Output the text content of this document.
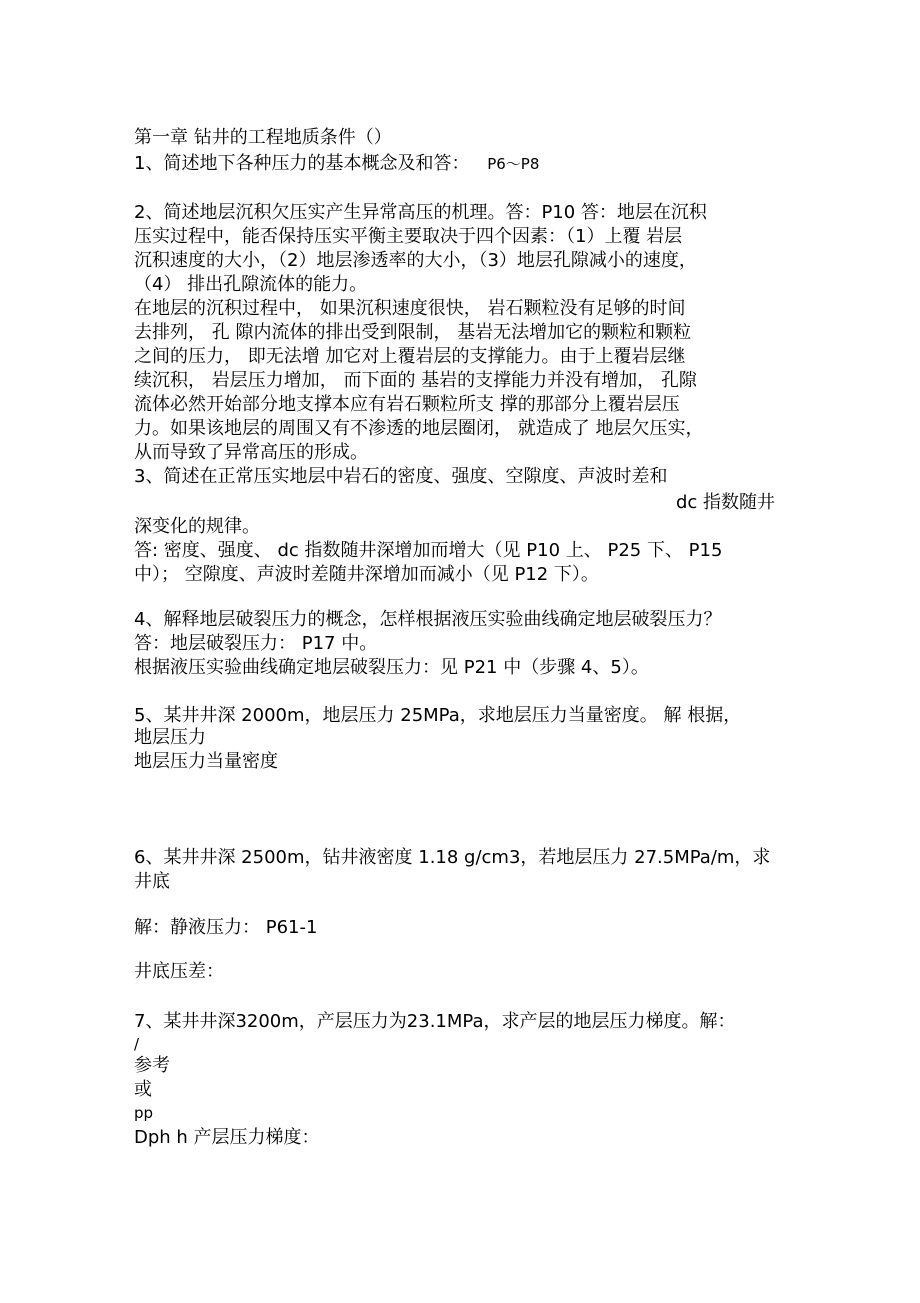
第一章 钻井的工程地质条件（）
1、简述地下各种压力的基本概念及和答： P6～P8
2、简述地层沉积欠压实产生异常高压的机理。答：P10 答：地层在沉积
压实过程中，能否保持压实平衡主要取决于四个因素：（1）上覆 岩层
沉积速度的大小，（2）地层渗透率的大小，（3）地层孔隙减小的速度，
（4） 排出孔隙流体的能力。
在地层的沉积过程中， 如果沉积速度很快， 岩石颗粒没有足够的时间
去排列， 孔 隙内流体的排出受到限制， 基岩无法增加它的颗粒和颗粒
之间的压力， 即无法增 加它对上覆岩层的支撑能力。由于上覆岩层继
续沉积， 岩层压力增加， 而下面的 基岩的支撑能力并没有增加， 孔隙
流体必然开始部分地支撑本应有岩石颗粒所支 撑的那部分上覆岩层压
力。如果该地层的周围又有不渗透的地层圈闭， 就造成了 地层欠压实，
从而导致了异常高压的形成。
3、简述在正常压实地层中岩石的密度、强度、空隙度、声波时差和
dc 指数随井
深变化的规律。
答: 密度、强度、 dc 指数随井深增加而增大（见 P10 上、 P25 下、 P15
中）； 空隙度、声波时差随井深增加而减小（见 P12 下）。
4、解释地层破裂压力的概念，怎样根据液压实验曲线确定地层破裂压力？
答：地层破裂压力： P17 中。
根据液压实验曲线确定地层破裂压力：见 P21 中（步骤 4、5）。
5、某井井深 2000m，地层压力 25MPa，求地层压力当量密度。 解 根据，
地层压力
地层压力当量密度
6、某井井深 2500m，钻井液密度 1.18 g/cm3，若地层压力 27.5MPa/m，求
井底
解：静液压力： P61-1
井底压差：
7、某井井深3200m，产层压力为23.1MPa，求产层的地层压力梯度。解：
/
参考
或
pp
Dph h 产层压力梯度：
